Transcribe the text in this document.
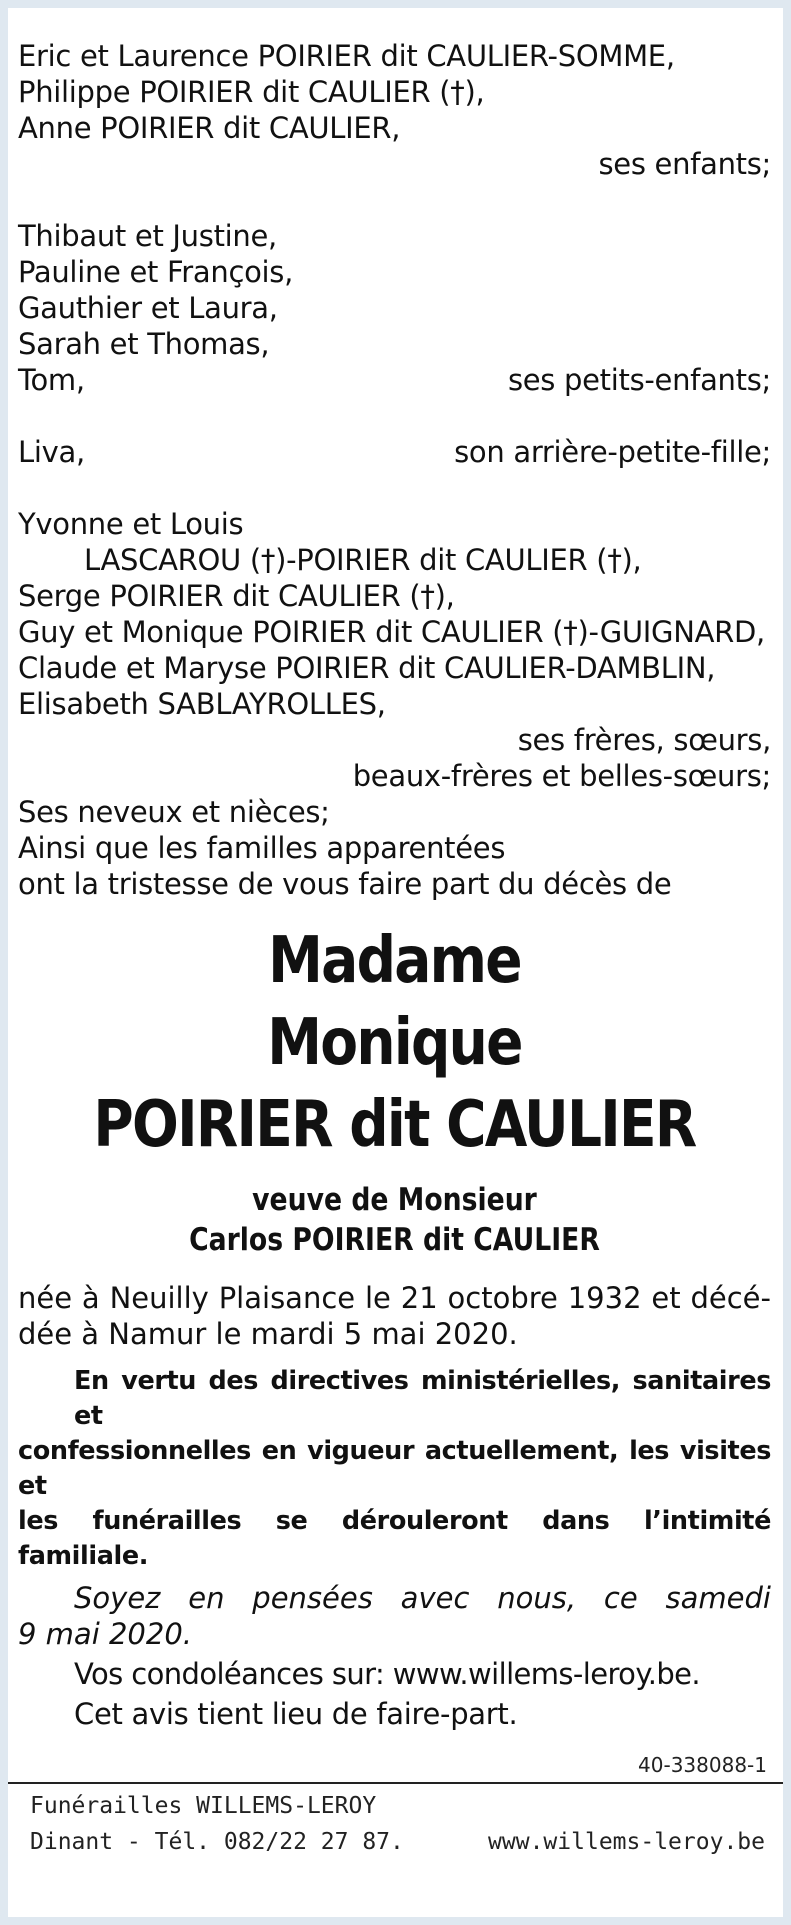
Eric et Laurence POIRIER dit CAULIER-SOMME,
Philippe POIRIER dit CAULIER (†),
Anne POIRIER dit CAULIER,
ses enfants;
Thibaut et Justine,
Pauline et François,
Gauthier et Laura,
Sarah et Thomas,
Tom,	ses petits-enfants;
Liva,	son arrière-petite-fille;
Yvonne et Louis
LASCAROU (†)-POIRIER dit CAULIER (†),
Serge POIRIER dit CAULIER (†),
Guy et Monique POIRIER dit CAULIER (†)-GUIGNARD,
Claude et Maryse POIRIER dit CAULIER-DAMBLIN,
Elisabeth SABLAYROLLES,
ses frères, sœurs,
beaux-frères et belles-sœurs;
Ses neveux et nièces;
Ainsi que les familles apparentées
ont la tristesse de vous faire part du décès de
Madame
Monique
POIRIER dit CAULIER
veuve de Monsieur
Carlos POIRIER dit CAULIER
née à Neuilly Plaisance le 21 octobre 1932 et décé-
dée à Namur le mardi 5 mai 2020.
En vertu des directives ministérielles, sanitaires et
confessionnelles en vigueur actuellement, les visites et
les funérailles se dérouleront dans l’intimité familiale.
Soyez en pensées avec nous, ce samedi
9 mai 2020.
Vos condoléances sur: www.willems-leroy.be.
Cet avis tient lieu de faire-part.
40-338088-1
Funérailles WILLEMS-LEROY
Dinant - Tél. 082/22 27 87.	www.willems-leroy.be
